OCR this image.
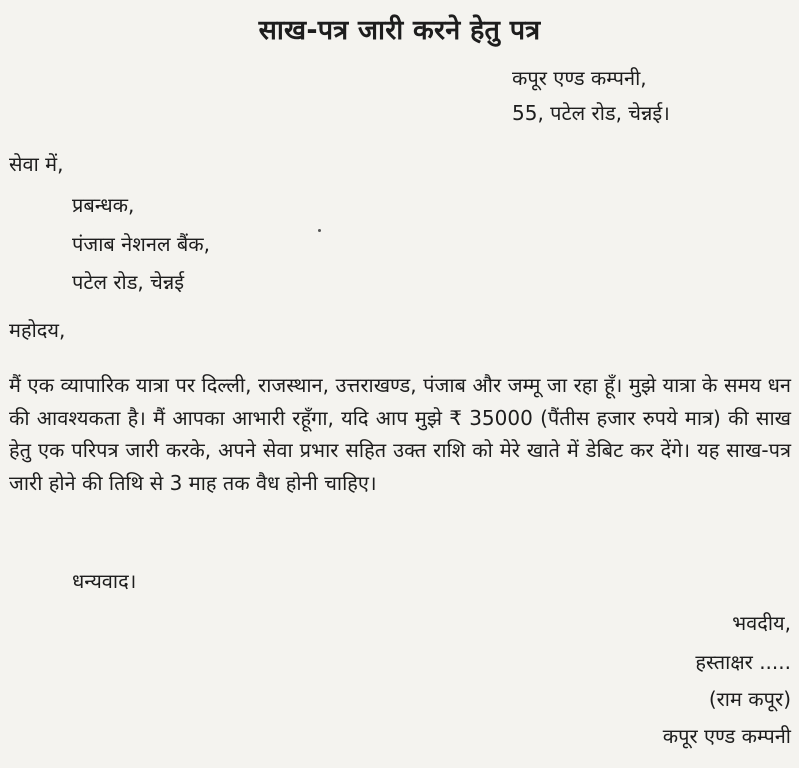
साख-पत्र जारी करने हेतु पत्र
कपूर एण्ड कम्पनी,
55, पटेल रोड, चेन्नई।
सेवा में,
प्रबन्धक,
पंजाब नेशनल बैंक,
पटेल रोड, चेन्नई
महोदय,
मैं एक व्यापारिक यात्रा पर दिल्ली, राजस्थान, उत्तराखण्ड, पंजाब और जम्मू जा रहा हूँ। मुझे यात्रा के समय धन की आवश्यकता है। मैं आपका आभारी रहूँगा, यदि आप मुझे ₹ 35000 (पैंतीस हजार रुपये मात्र) की साख हेतु एक परिपत्र जारी करके, अपने सेवा प्रभार सहित उक्त राशि को मेरे खाते में डेबिट कर देंगे। यह साख-पत्र जारी होने की तिथि से 3 माह तक वैध होनी चाहिए।
धन्यवाद।
भवदीय,
हस्ताक्षर .....
(राम कपूर)
कपूर एण्ड कम्पनी
